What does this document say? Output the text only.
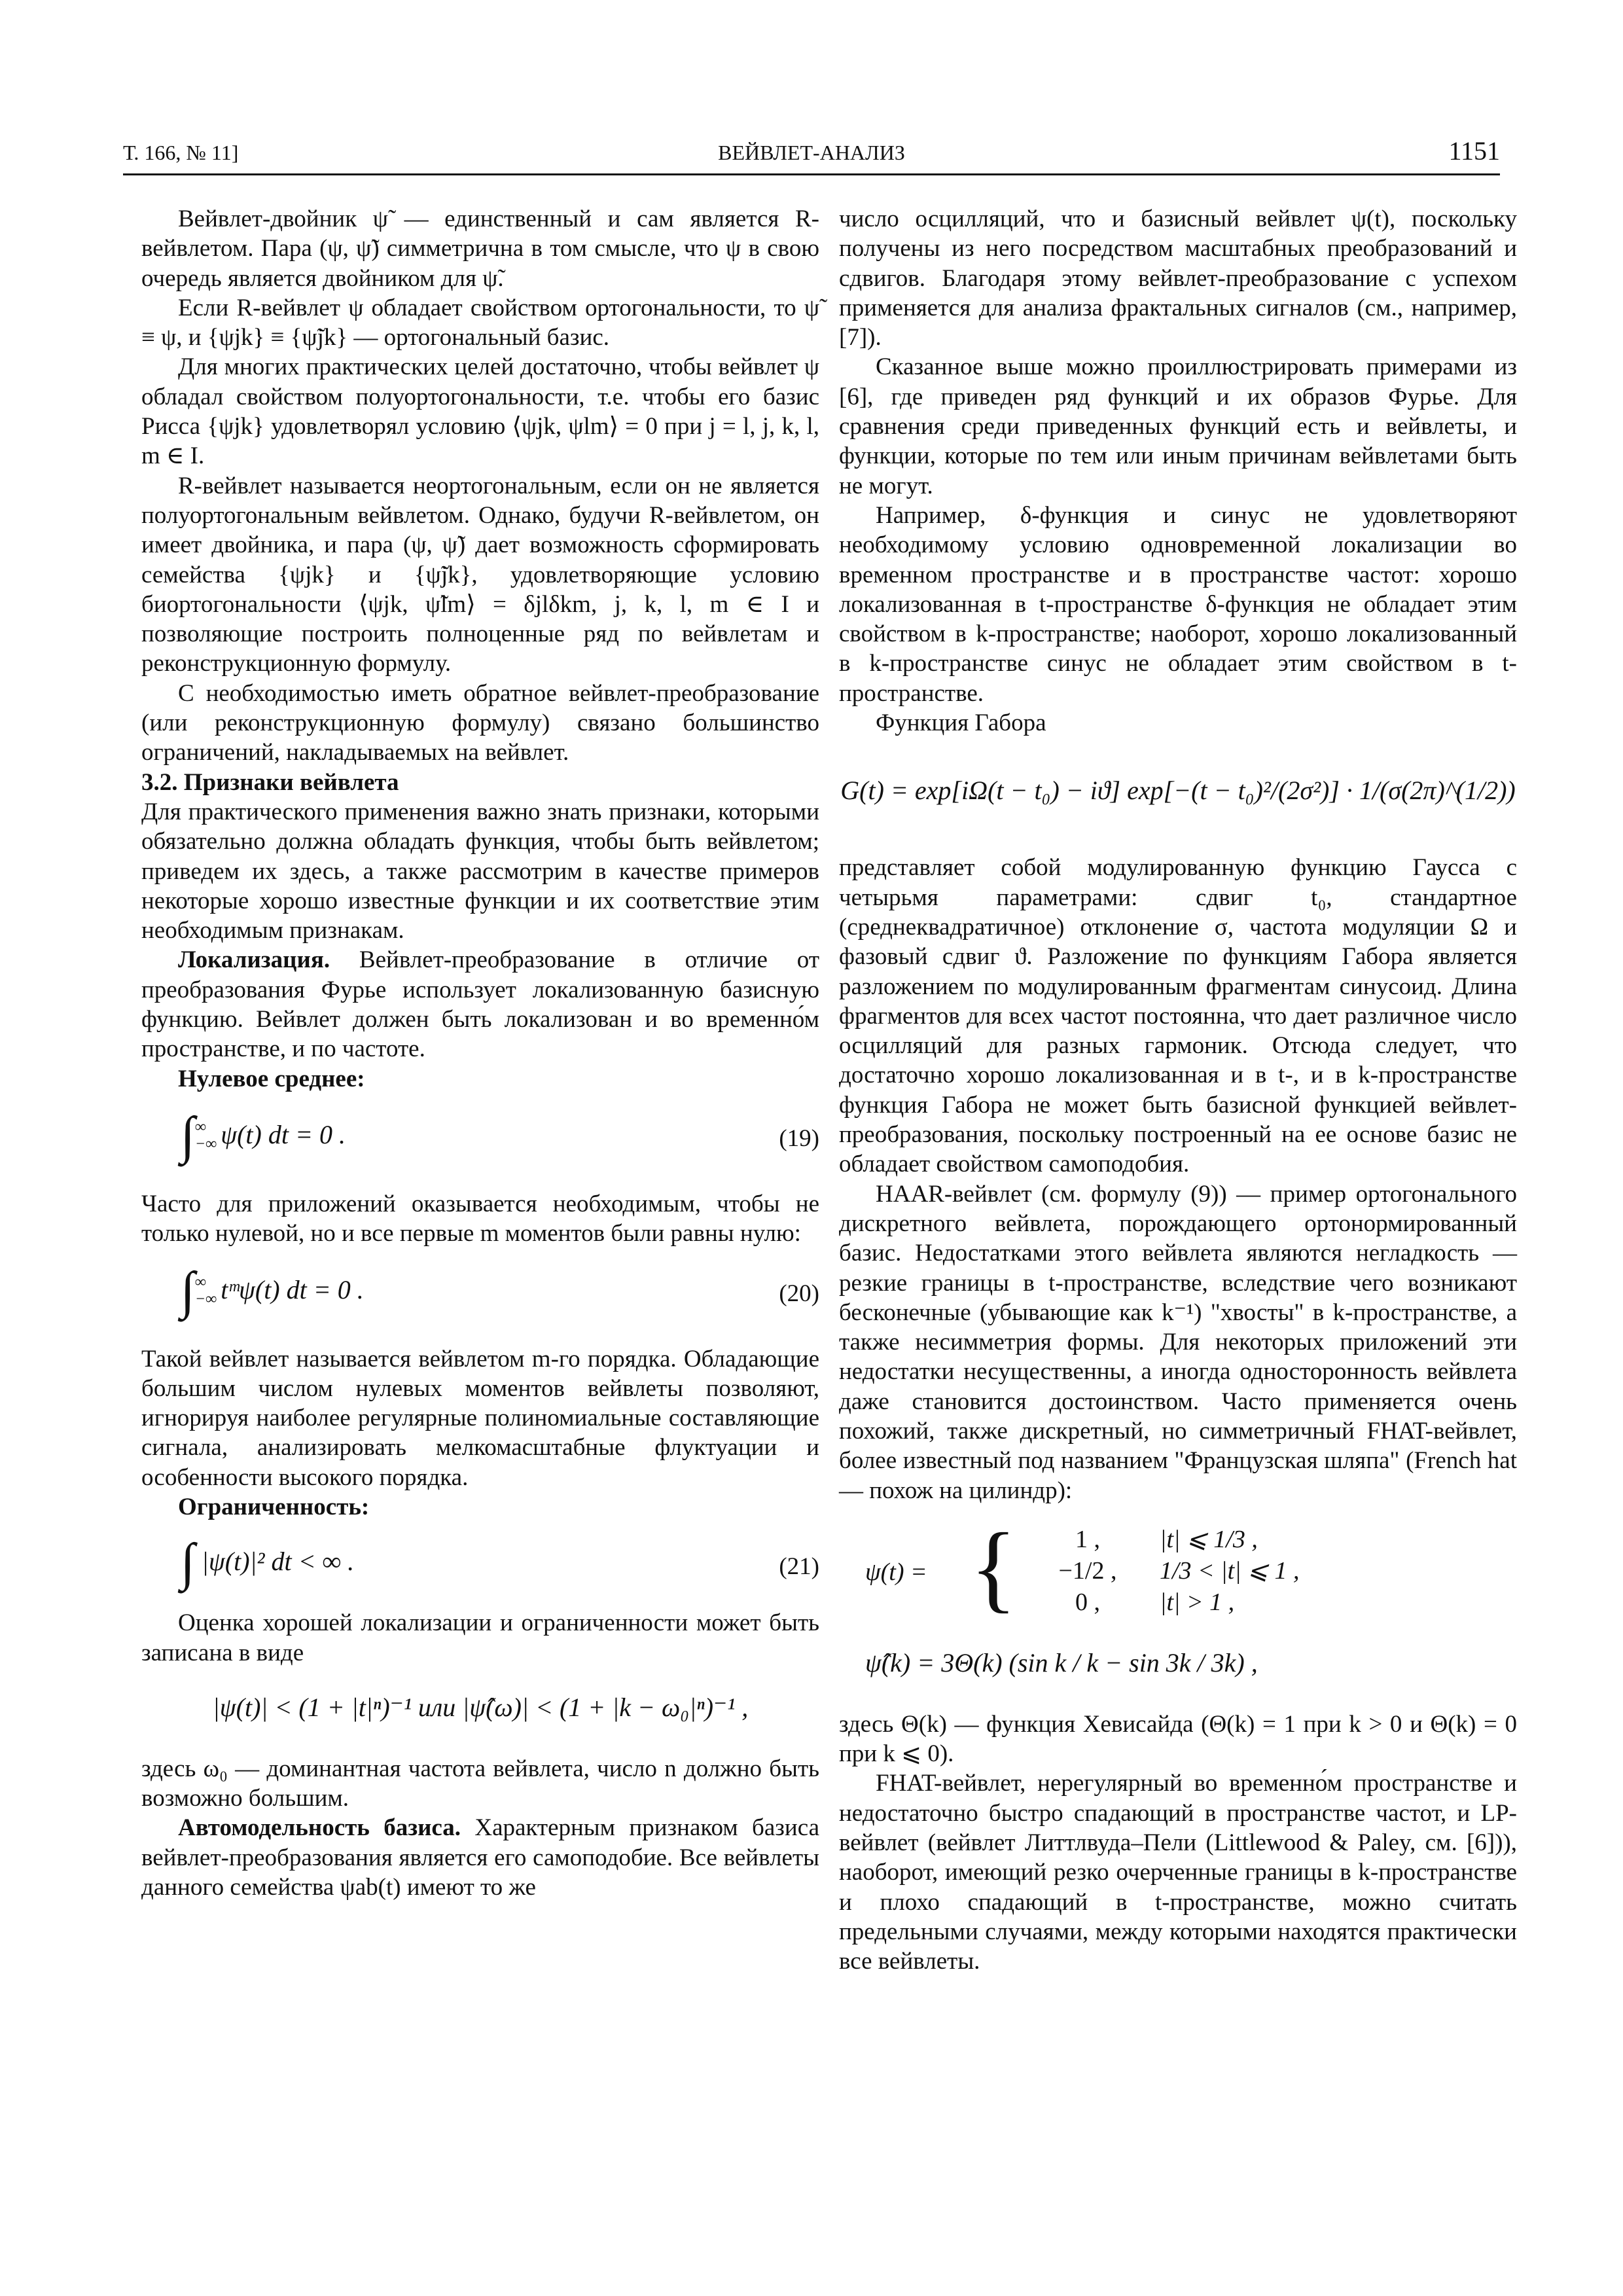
Т. 166, № 11]	ВЕЙВЛЕТ-АНАЛИЗ	1151

Вейвлет-двойник ψ̃ — единственный и сам является R-вейвлетом. Пара (ψ, ψ̃) симметрична в том смысле, что ψ в свою очередь является двойником для ψ̃.

Если R-вейвлет ψ обладает свойством ортогональности, то ψ̃ ≡ ψ, и {ψjk} ≡ {ψ̃jk} — ортогональный базис.

Для многих практических целей достаточно, чтобы вейвлет ψ обладал свойством полуортогональности, т.е. чтобы его базис Рисса {ψjk} удовлетворял условию ⟨ψjk, ψlm⟩ = 0 при j = l, j, k, l, m ∈ I.

R-вейвлет называется неортогональным, если он не является полуортогональным вейвлетом. Однако, будучи R-вейвлетом, он имеет двойника, и пара (ψ, ψ̃) дает возможность сформировать семейства {ψjk} и {ψ̃jk}, удовлетворяющие условию биортогональности ⟨ψjk, ψ̃lm⟩ = δjlδkm, j, k, l, m ∈ I и позволяющие построить полноценные ряд по вейвлетам и реконструкционную формулу.

С необходимостью иметь обратное вейвлет-преобразование (или реконструкционную формулу) связано большинство ограничений, накладываемых на вейвлет.

3.2. Признаки вейвлета

Для практического применения важно знать признаки, которыми обязательно должна обладать функция, чтобы быть вейвлетом; приведем их здесь, а также рассмотрим в качестве примеров некоторые хорошо известные функции и их соответствие этим необходимым признакам.

Локализация. Вейвлет-преобразование в отличие от преобразования Фурье использует локализованную базисную функцию. Вейвлет должен быть локализован и во временно́м пространстве, и по частоте.

Нулевое среднее:

∫ ∞
−∞ ψ(t) dt = 0 .	(19)

Часто для приложений оказывается необходимым, чтобы не только нулевой, но и все первые m моментов были равны нулю:

∫ ∞
−∞ tᵐψ(t) dt = 0 .	(20)

Такой вейвлет называется вейвлетом m-го порядка. Обладающие большим числом нулевых моментов вейвлеты позволяют, игнорируя наиболее регулярные полиномиальные составляющие сигнала, анализировать мелкомасштабные флуктуации и особенности высокого порядка.

Ограниченность:

∫ |ψ(t)|² dt < ∞ .	(21)

Оценка хорошей локализации и ограниченности может быть записана в виде

|ψ(t)| < (1 + |t|ⁿ)⁻¹ или |ψ̂(ω)| < (1 + |k − ω₀|ⁿ)⁻¹ ,

здесь ω₀ — доминантная частота вейвлета, число n должно быть возможно большим.

Автомодельность базиса. Характерным признаком базиса вейвлет-преобразования является его самоподобие. Все вейвлеты данного семейства ψab(t) имеют то же

число осцилляций, что и базисный вейвлет ψ(t), поскольку получены из него посредством масштабных преобразований и сдвигов. Благодаря этому вейвлет-преобразование с успехом применяется для анализа фрактальных сигналов (см., например, [7]).

Сказанное выше можно проиллюстрировать примерами из [6], где приведен ряд функций и их образов Фурье. Для сравнения среди приведенных функций есть и вейвлеты, и функции, которые по тем или иным причинам вейвлетами быть не могут.

Например, δ-функция и синус не удовлетворяют необходимому условию одновременной локализации во временном пространстве и в пространстве частот: хорошо локализованная в t-пространстве δ-функция не обладает этим свойством в k-пространстве; наоборот, хорошо локализованный в k-пространстве синус не обладает этим свойством в t-пространстве.

Функция Габора

G(t) = exp[iΩ(t − t₀) − iϑ] exp[−(t − t₀)²/(2σ²)] · 1/(σ(2π)^(1/2))

представляет собой модулированную функцию Гаусса с четырьмя параметрами: сдвиг t₀, стандартное (среднеквадратичное) отклонение σ, частота модуляции Ω и фазовый сдвиг ϑ. Разложение по функциям Габора является разложением по модулированным фрагментам синусоид. Длина фрагментов для всех частот постоянна, что дает различное число осцилляций для разных гармоник. Отсюда следует, что достаточно хорошо локализованная и в t-, и в k-пространстве функция Габора не может быть базисной функцией вейвлет-преобразования, поскольку построенный на ее основе базис не обладает свойством самоподобия.

HAAR-вейвлет (см. формулу (9)) — пример ортогонального дискретного вейвлета, порождающего ортонормированный базис. Недостатками этого вейвлета являются негладкость — резкие границы в t-пространстве, вследствие чего возникают бесконечные (убывающие как k⁻¹) "хвосты" в k-пространстве, а также несимметрия формы. Для некоторых приложений эти недостатки несущественны, а иногда односторонность вейвлета даже становится достоинством. Часто применяется очень похожий, также дискретный, но симметричный FHAT-вейвлет, более известный под названием "Французская шляпа" (French hat — похож на цилиндр):

ψ(t) = {	1 , |t| ⩽ 1/3 ,
−1/2 , 1/3 < |t| ⩽ 1 ,
0 , |t| > 1 ,
ψ̂(k) = 3Θ(k) (sin k / k − sin 3k / 3k) ,

здесь Θ(k) — функция Хевисайда (Θ(k) = 1 при k > 0 и Θ(k) = 0 при k ⩽ 0).

FHAT-вейвлет, нерегулярный во временно́м пространстве и недостаточно быстро спадающий в пространстве частот, и LP-вейвлет (вейвлет Литтлвуда–Пели (Littlewood & Paley, см. [6])), наоборот, имеющий резко очерченные границы в k-пространстве и плохо спадающий в t-пространстве, можно считать предельными случаями, между которыми находятся практически все вейвлеты.
